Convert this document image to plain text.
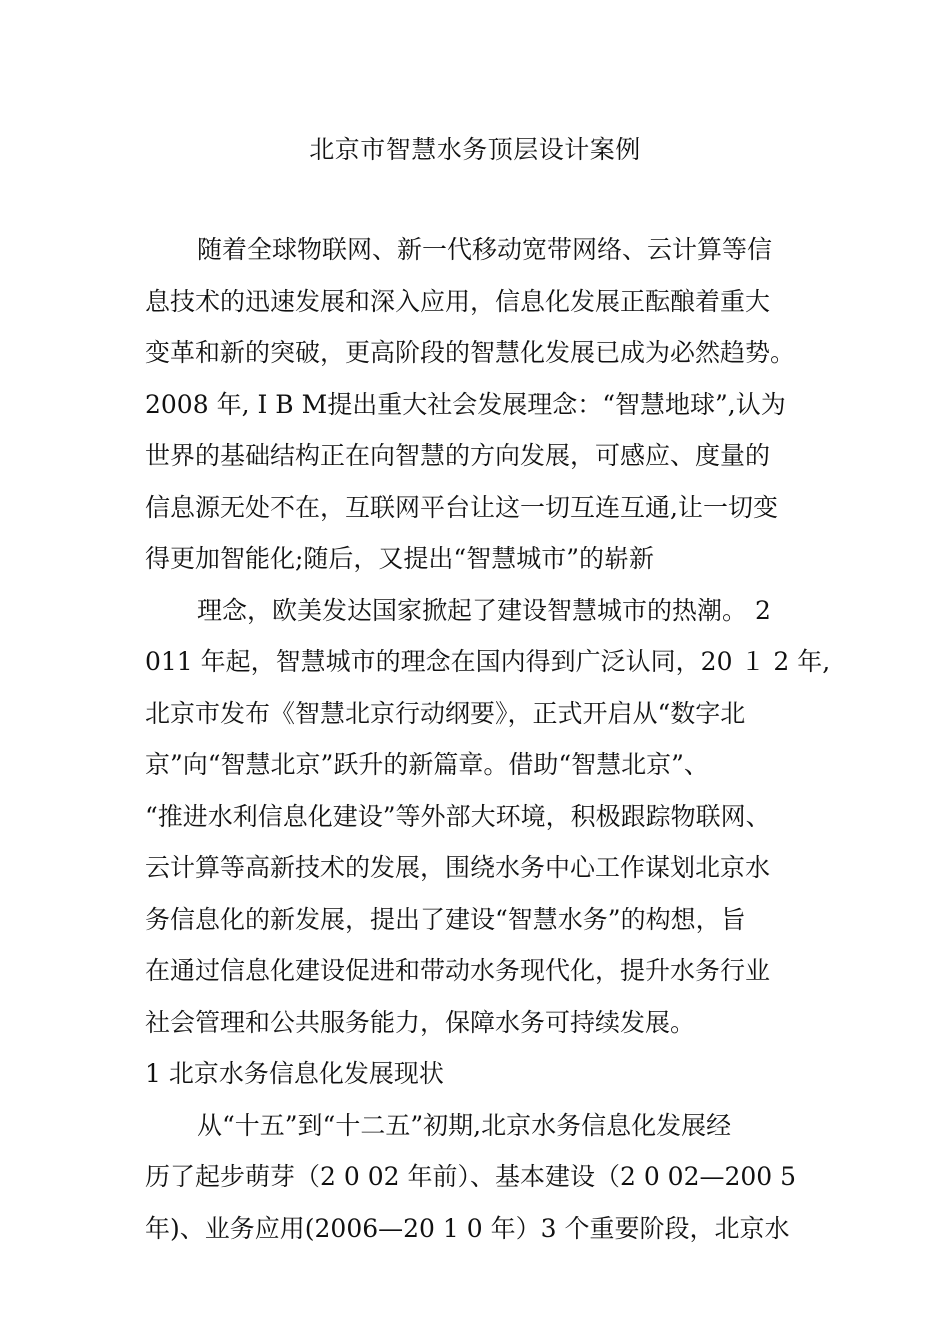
北京市智慧水务顶层设计案例
随着全球物联网、新一代移动宽带网络、云计算等信
息技术的迅速发展和深入应用，信息化发展正酝酿着重大
变革和新的突破，更高阶段的智慧化发展已成为必然趋势。
2008 年, I B M提出重大社会发展理念：“智慧地球”,认为
世界的基础结构正在向智慧的方向发展，可感应、度量的
信息源无处不在，互联网平台让这一切互连互通,让一切变
得更加智能化;随后，又提出“智慧城市”的崭新
理念，欧美发达国家掀起了建设智慧城市的热潮。 2
011 年起，智慧城市的理念在国内得到广泛认同，20 １ 2 年,
北京市发布《智慧北京行动纲要》，正式开启从“数字北
京”向“智慧北京”跃升的新篇章。借助“智慧北京”、
“推进水利信息化建设”等外部大环境，积极跟踪物联网、
云计算等高新技术的发展，围绕水务中心工作谋划北京水
务信息化的新发展，提出了建设“智慧水务”的构想，旨
在通过信息化建设促进和带动水务现代化，提升水务行业
社会管理和公共服务能力，保障水务可持续发展。
1 北京水务信息化发展现状
从“十五”到“十二五”初期,北京水务信息化发展经
历了起步萌芽（2 0 02 年前）、基本建设（2 0 02—200 5
年)、业务应用(2006—20 1 0 年）3 个重要阶段，北京水
